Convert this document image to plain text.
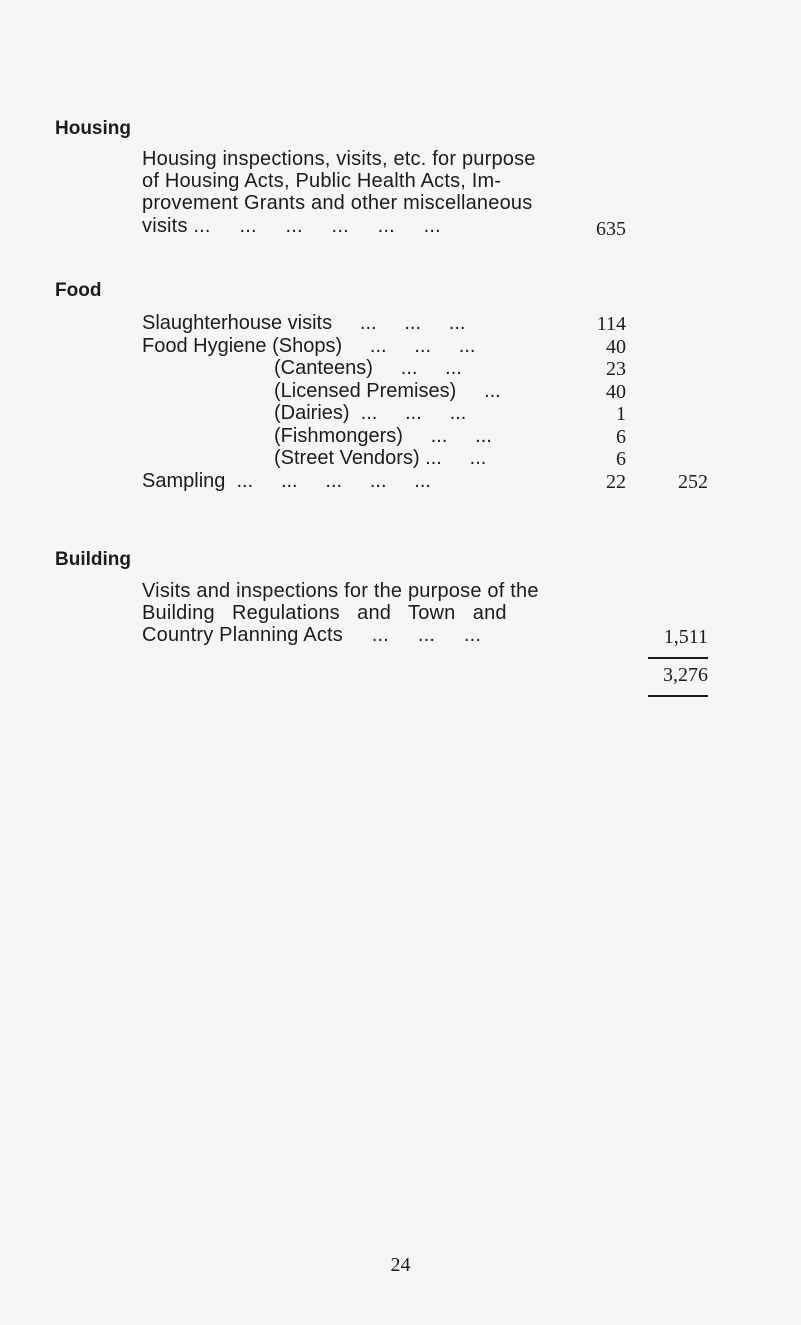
Housing
Housing inspections, visits, etc. for purpose
of Housing Acts, Public Health Acts, Im-
provement Grants and other miscellaneous
visits ...     ...     ...     ...     ...     ...	635
Food
Slaughterhouse visits     ...     ...     ...	114
Food Hygiene (Shops)     ...     ...     ...	40
(Canteens)     ...     ...	23
(Licensed Premises)     ...	40
(Dairies)  ...     ...     ...	1
(Fishmongers)     ...     ...	6
(Street Vendors) ...     ...	6
Sampling  ...     ...     ...     ...     ...	22	252
Building
Visits and inspections for the purpose of the
Building   Regulations   and   Town   and
Country Planning Acts     ...     ...     ...	1,511
3,276
24
